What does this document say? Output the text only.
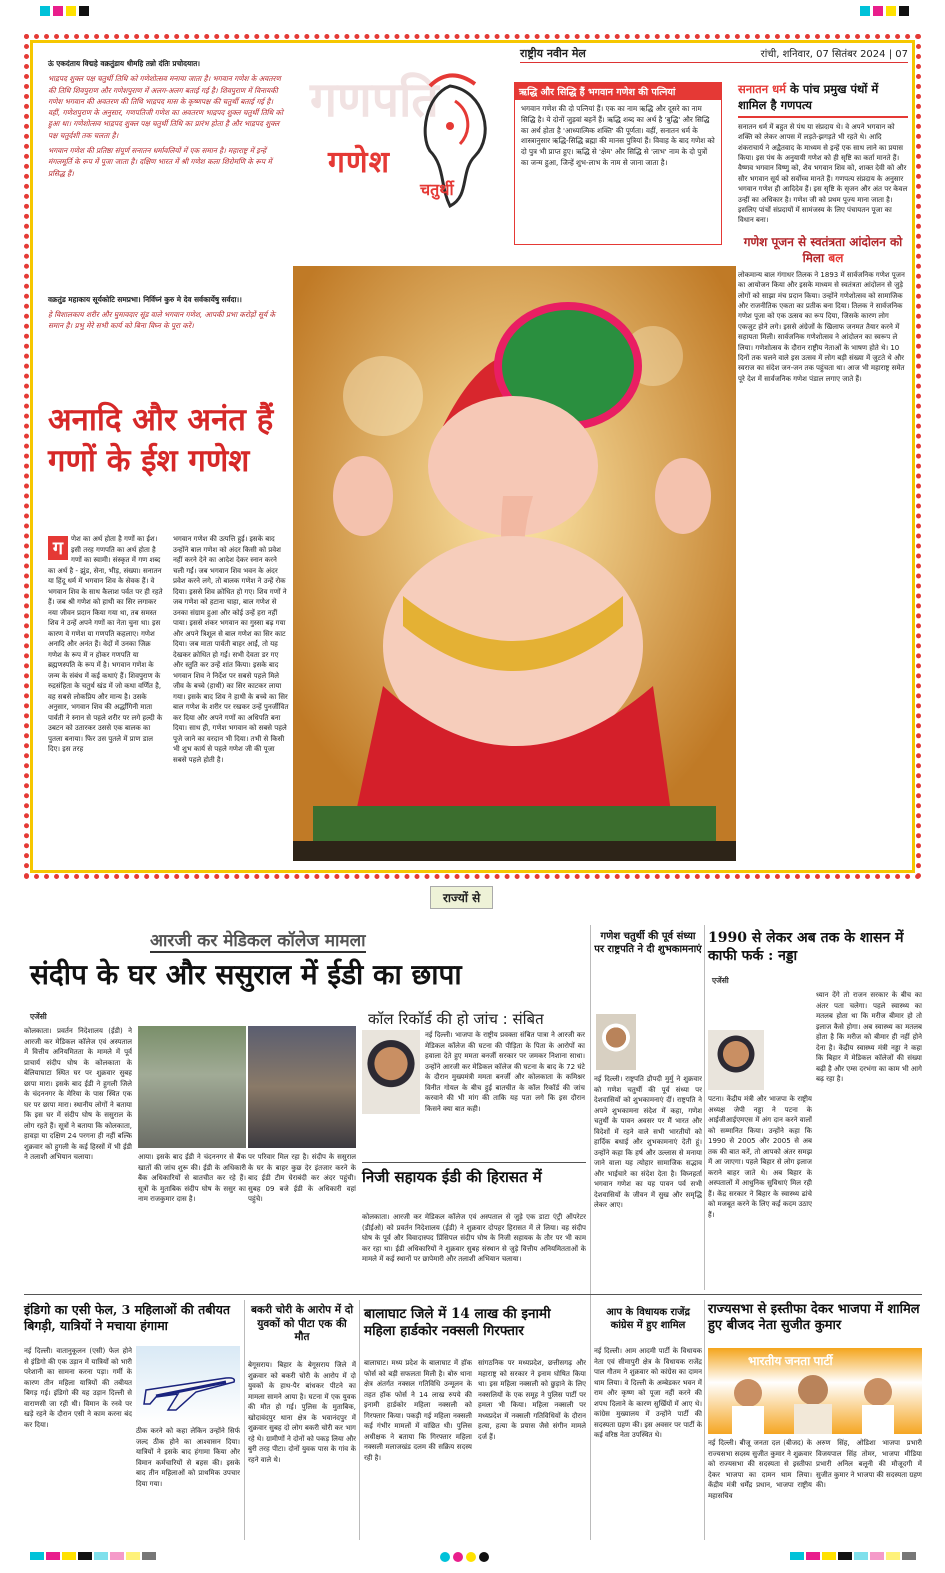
राष्ट्रीय नवीन मेल	रांची, शनिवार, 07 सितंबर 2024 | 07

ऊं एकदंताय विद्महे वक्रतुंडाय धीमहि तन्नो दंतिः प्रचोदयात।

भाद्रपद शुक्ल पक्ष चतुर्थी तिथि को गणेशोत्सव मनाया जाता है। भगवान गणेश के अवतरण की तिथि शिवपुराण और गणेशपुराण में अलग-अलग बताई गई है। शिवपुराण में विनायकी गणेश भगवान की अवतरण की तिथि भाद्रपद मास के कृष्णपक्ष की चतुर्थी बताई गई है। वहीं, गणेशपुराण के अनुसार, गणपतिजी गणेश का अवतरण भाद्रपद शुक्ल चतुर्थी तिथि को हुआ था। गणेशोत्सव भाद्रपद शुक्ल पक्ष चतुर्थी तिथि का प्रारंभ होता है और भाद्रपद शुक्ल पक्ष चतुर्दशी तक चलता है।

भगवान गणेश की प्रतिष्ठा संपूर्ण सनातन धर्मावलियों में एक समान है। महाराष्ट्र में इन्हें मंगलमूर्ति के रूप में पूजा जाता है। दक्षिण भारत में श्री गणेश कला शिरोमणि के रूप में प्रसिद्ध हैं।

वक्रतुंड महाकाय सूर्यकोटि समप्रभा। निर्विघ्नं कुरु मे देव सर्वकार्येषु सर्वदा।।

हे विशालकाय शरीर और घुमावदार सूंड वाले भगवान गणेश, आपकी प्रभा करोड़ों सूर्य के समान है। प्रभु मेरे सभी कार्य को बिना विघ्न के पूरा करें।

गणपति
गणेश
चतुर्थी
ऋद्धि और सिद्धि हैं भगवान गणेश की पत्नियां
भगवान गणेश की दो पत्नियां हैं। एक का नाम ऋद्धि और दूसरे का नाम सिद्धि है। ये दोनों जुड़वां बहनें हैं। ऋद्धि शब्द का अर्थ है 'बुद्धि' और सिद्धि का अर्थ होता है 'आध्यात्मिक शक्ति' की पूर्णता। वहीं, सनातन धर्म के शास्त्रानुसार ऋद्धि-सिद्धि ब्रह्मा की मानस पुत्रियां हैं। विवाह के बाद गणेश को दो पुत्र भी प्राप्त हुए। ऋद्धि से 'क्षेम' और सिद्धि से 'लाभ' नाम के दो पुत्रों का जन्म हुआ, जिन्हें शुभ-लाभ के नाम से जाना जाता है।
सनातन धर्म के पांच प्रमुख पंथों में शामिल है गणपत्य
सनातन धर्म में बहुत से पंथ या संप्रदाय थे। वे अपने भगवान को शक्ति को लेकर आपस में लड़ते-झगड़ते भी रहते थे। आदि शंकराचार्य ने अद्वैतवाद के माध्यम से इन्हें एक साथ लाने का प्रयास किया। इस पंथ के अनुयायी गणेश को ही सृष्टि का कर्ता मानते हैं। वैष्णव भगवान विष्णु को, शैव भगवान शिव को, शाक्त देवी को और सौर भगवान सूर्य को सर्वोच्च मानते हैं। गणपत्य संप्रदाय के अनुसार भगवान गणेश ही आदिदेव हैं। इस सृष्टि के सृजन और अंत पर केवल उन्हीं का अधिकार है। गणेश जी को प्रथम पूज्य माना जाता है। इसलिए पांचों संप्रदायों में सामंजस्य के लिए पंचायतन पूजा का विधान बना।
गणेश पूजन से स्वतंत्रता आंदोलन को मिला बल
लोकमान्य बाल गंगाधर तिलक ने 1893 में सार्वजनिक गणेश पूजन का आयोजन किया और इसके माध्यम से स्वतंत्रता आंदोलन से जुड़े लोगों को साझा मंच प्रदान किया। उन्होंने गणेशोत्सव को सामाजिक और राजनीतिक एकता का प्रतीक बना दिया। तिलक ने सार्वजनिक गणेश पूजा को एक उत्सव का रूप दिया, जिसके कारण लोग एकजुट होने लगे। इससे अंग्रेजों के खिलाफ जनमत तैयार करने में सहायता मिली। सार्वजनिक गणेशोत्सव ने आंदोलन का स्वरूप ले लिया। गणेशोत्सव के दौरान राष्ट्रीय नेताओं के भाषण होते थे। 10 दिनों तक चलने वाले इस उत्सव में लोग बड़ी संख्या में जुटते थे और स्वराज का संदेश जन-जन तक पहुंचता था। आज भी महाराष्ट्र समेत पूरे देश में सार्वजनिक गणेश पंडाल लगाए जाते हैं।
अनादि और अनंत हैं गणों के ईश गणेश
ग	णेश का अर्थ होता है गणों का ईश। इसी तरह गणपति का अर्थ होता है गणों का स्वामी। संस्कृत में गण शब्द का अर्थ है - झुंड, सेना, भीड़, संख्या। सनातन या हिंदू धर्म में भगवान शिव के सेवक हैं। वे भगवान शिव के साथ कैलाश पर्वत पर ही रहते हैं। जब श्री गणेश को हाथी का सिर लगाकर नया जीवन प्रदान किया गया था, तब समस्त शिव ने उन्हें अपने गणों का नेता चुना था। इस कारण वे गणेश या गणपति कहलाए। गणेश अनादि और अनंत हैं। वेदों में उनका जिक्र गणेश के रूप में न होकर गणपति या ब्रह्मणस्पति के रूप में है। भगवान गणेश के जन्म के संबंध में कई कथाएं हैं। शिवपुराण के रुद्रसंहिता के चतुर्थ खंड में जो कथा वर्णित है, वह सबसे लोकप्रिय और मान्य है। उसके अनुसार, भगवान शिव की अर्द्धांगिनी माता पार्वती ने स्नान से पहले शरीर पर लगे हल्दी के उबटन को उतारकर उससे एक बालक का पुतला बनाया। फिर उस पुतले में प्राण डाल दिए। इस तरह
भगवान गणेश की उत्पत्ति हुई। इसके बाद उन्होंने बाल गणेश को अंदर किसी को प्रवेश नहीं करने देने का आदेश देकर स्नान करने चली गईं। जब भगवान शिव भवन के अंदर प्रवेश करने लगे, तो बालक गणेश ने उन्हें रोक दिया। इससे शिव क्रोधित हो गए। शिव गणों ने जब गणेश को हटाना चाहा, बाल गणेश से उनका संग्राम हुआ और कोई उन्हें हरा नहीं पाया। इससे शंकर भगवान का गुस्सा बढ़ गया और अपने त्रिशूल से बाल गणेश का सिर काट दिया। जब माता पार्वती बाहर आईं, तो यह देखकर क्रोधित हो गईं। सभी देवता डर गए और स्तुति कर उन्हें शांत किया। इसके बाद भगवान शिव ने निर्देश पर सबसे पहले मिले जीव के बच्चे (हाथी) का सिर काटकर लाया गया। इसके बाद शिव ने हाथी के बच्चे का सिर बाल गणेश के शरीर पर रखकर उन्हें पुनर्जीवित कर दिया और अपने गणों का अधिपति बना दिया। साथ ही, गणेश भगवान को सबसे पहले पूजे जाने का वरदान भी दिया। तभी से किसी भी शुभ कार्य से पहले गणेश जी की पूजा सबसे पहले होती है।
राज्यों से
आरजी कर मेडिकल कॉलेज मामला
संदीप के घर और ससुराल में ईडी का छापा
एजेंसी
कोलकाता। प्रवर्तन निदेशालय (ईडी) ने आरजी कर मेडिकल कॉलेज एवं अस्पताल में वित्तीय अनियमितता के मामले में पूर्व प्राचार्य संदीप घोष के कोलकाता के बेलियाघाटा स्थित घर पर शुक्रवार सुबह छापा मारा। इसके बाद ईडी ने हुगली जिले के चंदननगर के मेरिया के पास स्थित एक घर पर छापा मारा। स्थानीय लोगों ने बताया कि इस घर में संदीप घोष के ससुराल के लोग रहते हैं। सूत्रों ने बताया कि कोलकाता, हावड़ा या दक्षिण 24 परगना ही नहीं बल्कि शुक्रवार को हुगली के कई हिस्सों में भी ईडी ने तलाशी अभियान चलाया।	आया। इसके बाद ईडी ने चंदननगर से बैंक खातों की जांच शुरू की। ईडी के अधिकारी बैंक अधिकारियों से बातचीत कर रहे हैं। सूत्रों के मुताबिक संदीप घोष के ससुर का नाम राजकुमार दास है।
पर परिवार मिल रहा है। संदीप के ससुराल के घर के बाहर कुछ देर इंतजार करने के बाद ईडी टीम घेराबंदी कर अंदर पहुंची। सुबह 09 बजे ईडी के अधिकारी वहां पहुंचे।
कॉल रिकॉर्ड की हो जांच : संबित
नई दिल्ली। भाजपा के राष्ट्रीय प्रवक्ता संबित पात्रा ने आरजी कर मेडिकल कॉलेज की घटना की पीड़िता के पिता के आरोपों का हवाला देते हुए ममता बनर्जी सरकार पर जमकर निशाना साधा। उन्होंने आरजी कर मेडिकल कॉलेज की घटना के बाद के 72 घंटे के दौरान मुख्यमंत्री ममता बनर्जी और कोलकाता के कमिश्नर विनीत गोयल के बीच हुई बातचीत के कॉल रिकॉर्ड की जांच करवाने की भी मांग की ताकि यह पता लगे कि इस दौरान किसने क्या बात कही।
निजी सहायक ईडी की हिरासत में
कोलकाता। आरजी कर मेडिकल कॉलेज एवं अस्पताल से जुड़े एक डाटा एंट्री ऑपरेटर (डीईओ) को प्रवर्तन निदेशालय (ईडी) ने शुक्रवार दोपहर हिरासत में ले लिया। वह संदीप घोष के पूर्व और विवादास्पद प्रिंसिपल संदीप घोष के निजी सहायक के तौर पर भी काम कर रहा था। ईडी अधिकारियों ने शुक्रवार सुबह संस्थान से जुड़े वित्तीय अनियमितताओं के मामले में कई स्थानों पर छापेमारी और तलाशी अभियान चलाया।
गणेश चतुर्थी की पूर्व संध्या पर राष्ट्रपति ने दी शुभकामनाएं
नई दिल्ली। राष्ट्रपति द्रौपदी मुर्मु ने शुक्रवार को गणेश चतुर्थी की पूर्व संध्या पर देशवासियों को शुभकामनाएं दीं। राष्ट्रपति ने अपने शुभकामना संदेश में कहा, गणेश चतुर्थी के पावन अवसर पर मैं भारत और विदेशों में रहने वाले सभी भारतीयों को हार्दिक बधाई और शुभकामनाएं देती हूं। उन्होंने कहा कि हर्ष और उल्लास से मनाया जाने वाला यह त्योहार सामाजिक सद्भाव और भाईचारे का संदेश देता है। विघ्नहर्ता भगवान गणेश का यह पावन पर्व सभी देशवासियों के जीवन में सुख और समृद्धि लेकर आए।
1990 से लेकर अब तक के शासन में काफी फर्क : नड्डा
एजेंसी
पटना। केंद्रीय मंत्री और भाजपा के राष्ट्रीय अध्यक्ष जेपी नड्डा ने पटना के आईजीआईएमएस में अंग दान करने वालों को सम्मानित किया। उन्होंने कहा कि 1990 से 2005 और 2005 से अब तक की बात करें, तो आपको अंतर समझ में आ जाएगा। पहले बिहार से लोग इलाज कराने बाहर जाते थे। अब बिहार के अस्पतालों में आधुनिक सुविधाएं मिल रही हैं। केंद्र सरकार ने बिहार के स्वास्थ्य ढांचे को मजबूत करने के लिए कई कदम उठाए हैं।
ध्यान देंगे तो राजन सरकार के बीच का अंतर पता चलेगा। पहले स्वास्थ्य का मतलब होता था कि मरीज बीमार हो तो इलाज कैसे होगा। अब स्वास्थ्य का मतलब होता है कि मरीज को बीमार ही नहीं होने देना है। केंद्रीय स्वास्थ्य मंत्री नड्डा ने कहा कि बिहार में मेडिकल कॉलेजों की संख्या बढ़ी है और एम्स दरभंगा का काम भी आगे बढ़ रहा है।
इंडिगो का एसी फेल, 3 महिलाओं की तबीयत बिगड़ी, यात्रियों ने मचाया हंगामा
नई दिल्ली। वातानुकूलन (एसी) फेल होने से इंडिगो की एक उड़ान में यात्रियों को भारी परेशानी का सामना करना पड़ा। गर्मी के कारण तीन महिला यात्रियों की तबीयत बिगड़ गई। इंडिगो की यह उड़ान दिल्ली से वाराणसी जा रही थी। विमान के रनवे पर खड़े रहने के दौरान एसी ने काम करना बंद कर दिया।
ठीक करने को कहा लेकिन उन्होंने सिर्फ जल्द ठीक होने का आश्वासन दिया। यात्रियों ने इसके बाद हंगामा किया और विमान कर्मचारियों से बहस की। इसके बाद तीन महिलाओं को प्राथमिक उपचार दिया गया।
बकरी चोरी के आरोप में दो युवकों को पीटा एक की मौत
बेगूसराय। बिहार के बेगूसराय जिले में शुक्रवार को बकरी चोरी के आरोप में दो युवकों के हाथ-पैर बांधकर पीटने का मामला सामने आया है। घटना में एक युवक की मौत हो गई। पुलिस के मुताबिक, खोदावंदपुर थाना क्षेत्र के भवानंदपुर में शुक्रवार सुबह दो लोग बकरी चोरी कर भाग रहे थे। ग्रामीणों ने दोनों को पकड़ लिया और बुरी तरह पीटा। दोनों युवक पास के गांव के रहने वाले थे।
बालाघाट जिले में 14 लाख की इनामी महिला हार्डकोर नक्सली गिरफ्तार
बालाघाट। मध्य प्रदेश के बालाघाट में हॉक फोर्स को बड़ी सफलता मिली है। बोरु थाना क्षेत्र अंतर्गत नक्सल गतिविधि उन्मूलन के तहत हॉक फोर्स ने 14 लाख रुपये की इनामी हार्डकोर महिला नक्सली को गिरफ्तार किया। पकड़ी गई महिला नक्सली कई गंभीर मामलों में वांछित थी। पुलिस अधीक्षक ने बताया कि गिरफ्तार महिला नक्सली मलाजखंड दलम की सक्रिय सदस्य रही है।
सांगठनिक पर मध्यप्रदेश, छत्तीसगढ़ और महाराष्ट्र को सरकार ने इनाम घोषित किया था। इस महिला नक्सली को छुड़ाने के लिए नक्सलियों के एक समूह ने पुलिस पार्टी पर हमला भी किया। महिला नक्सली पर मध्यप्रदेश में नक्सली गतिविधियों के दौरान हत्या, हत्या के प्रयास जैसे संगीन मामले दर्ज हैं।
आप के विधायक राजेंद्र कांग्रेस में हुए शामिल
नई दिल्ली। आम आदमी पार्टी के विधायक नेता एवं सीमापुरी क्षेत्र के विधायक राजेंद्र पाल गौतम ने शुक्रवार को कांग्रेस का दामन थाम लिया। वे दिल्ली के अम्बेडकर भवन में राम और कृष्ण को पूजा नहीं करने की शपथ दिलाने के कारण सुर्खियों में आए थे। कांग्रेस मुख्यालय में उन्होंने पार्टी की सदस्यता ग्रहण की। इस अवसर पर पार्टी के कई वरिष्ठ नेता उपस्थित थे।
राज्यसभा से इस्तीफा देकर भाजपा में शामिल हुए बीजद नेता सुजीत कुमार
भारतीय जनता पार्टी
नई दिल्ली। बीजू जनता दल (बीजद) के राज्यसभा सदस्य सुजीत कुमार ने शुक्रवार को राज्यसभा की सदस्यता से इस्तीफा देकर भाजपा का दामन थाम लिया। केंद्रीय मंत्री धर्मेंद्र प्रधान, भाजपा राष्ट्रीय महासचिव
अरुण सिंह, ओडिशा भाजपा प्रभारी विजयपाल सिंह तोमर, भाजपा मीडिया प्रभारी अनिल बलूनी की मौजूदगी में सुजीत कुमार ने भाजपा की सदस्यता ग्रहण की।
